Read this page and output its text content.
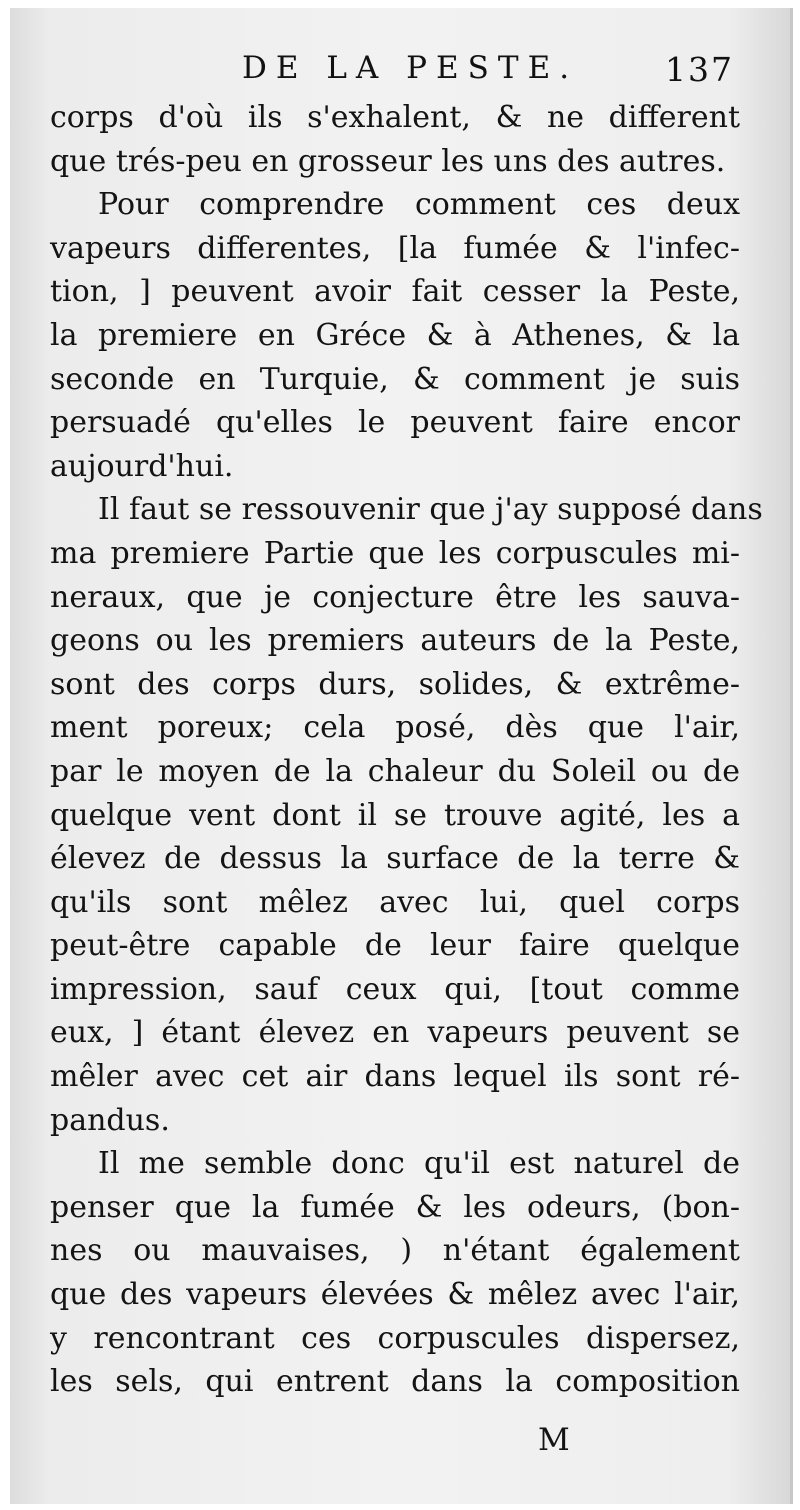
DE LA PESTE.	137
corps d'où ils s'exhalent, & ne different
que trés-peu en grosseur les uns des autres.
Pour comprendre comment ces deux
vapeurs differentes, [la fumée & l'infec-
tion, ] peuvent avoir fait cesser la Peste,
la premiere en Gréce & à Athenes, & la
seconde en Turquie, & comment je suis
persuadé qu'elles le peuvent faire encor
aujourd'hui.
Il faut se ressouvenir que j'ay supposé dans
ma premiere Partie que les corpuscules mi-
neraux, que je conjecture être les sauva-
geons ou les premiers auteurs de la Peste,
sont des corps durs, solides, & extrême-
ment poreux; cela posé, dès que l'air,
par le moyen de la chaleur du Soleil ou de
quelque vent dont il se trouve agité, les a
élevez de dessus la surface de la terre &
qu'ils sont mêlez avec lui, quel corps
peut-être capable de leur faire quelque
impression, sauf ceux qui, [tout comme
eux, ] étant élevez en vapeurs peuvent se
mêler avec cet air dans lequel ils sont ré-
pandus.
Il me semble donc qu'il est naturel de
penser que la fumée & les odeurs, (bon-
nes ou mauvaises, ) n'étant également
que des vapeurs élevées & mêlez avec l'air,
y rencontrant ces corpuscules dispersez,
les sels, qui entrent dans la composition
M
